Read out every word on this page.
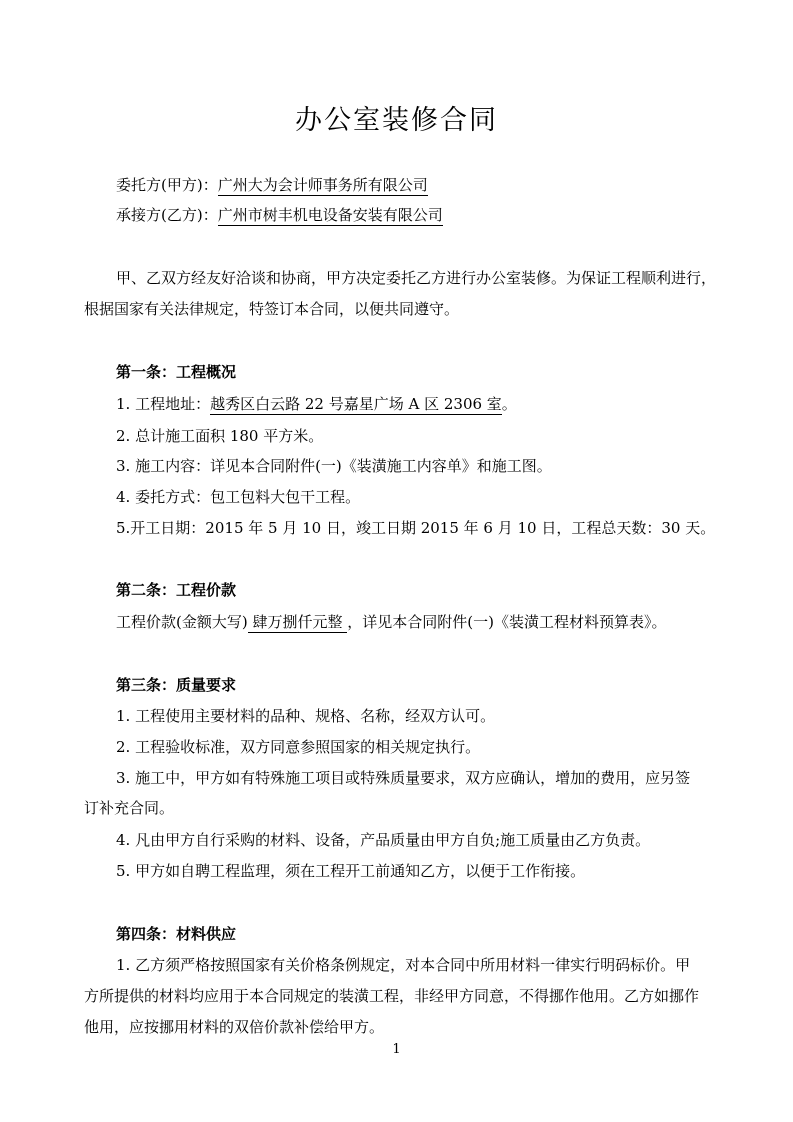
办公室装修合同
委托方(甲方)：广州大为会计师事务所有限公司
承接方(乙方)：广州市树丰机电设备安装有限公司
甲、乙双方经友好洽谈和协商，甲方决定委托乙方进行办公室装修。为保证工程顺利进行，
根据国家有关法律规定，特签订本合同，以便共同遵守。
第一条：工程概况
1. 工程地址：越秀区白云路 22 号嘉星广场 A 区 2306 室。
2. 总计施工面积 180 平方米。
3. 施工内容：详见本合同附件(一)《装潢施工内容单》和施工图。
4. 委托方式：包工包料大包干工程。
5.开工日期：2015 年 5 月 10 日，竣工日期 2015 年 6 月 10 日，工程总天数：30 天。
第二条：工程价款
工程价款(金额大写) 肆万捌仟元整 ，详见本合同附件(一)《装潢工程材料预算表》。
第三条：质量要求
1. 工程使用主要材料的品种、规格、名称，经双方认可。
2. 工程验收标准，双方同意参照国家的相关规定执行。
3. 施工中，甲方如有特殊施工项目或特殊质量要求，双方应确认，增加的费用，应另签
订补充合同。
4. 凡由甲方自行采购的材料、设备，产品质量由甲方自负;施工质量由乙方负责。
5. 甲方如自聘工程监理，须在工程开工前通知乙方，以便于工作衔接。
第四条：材料供应
1. 乙方须严格按照国家有关价格条例规定，对本合同中所用材料一律实行明码标价。甲
方所提供的材料均应用于本合同规定的装潢工程，非经甲方同意，不得挪作他用。乙方如挪作
他用，应按挪用材料的双倍价款补偿给甲方。
1
